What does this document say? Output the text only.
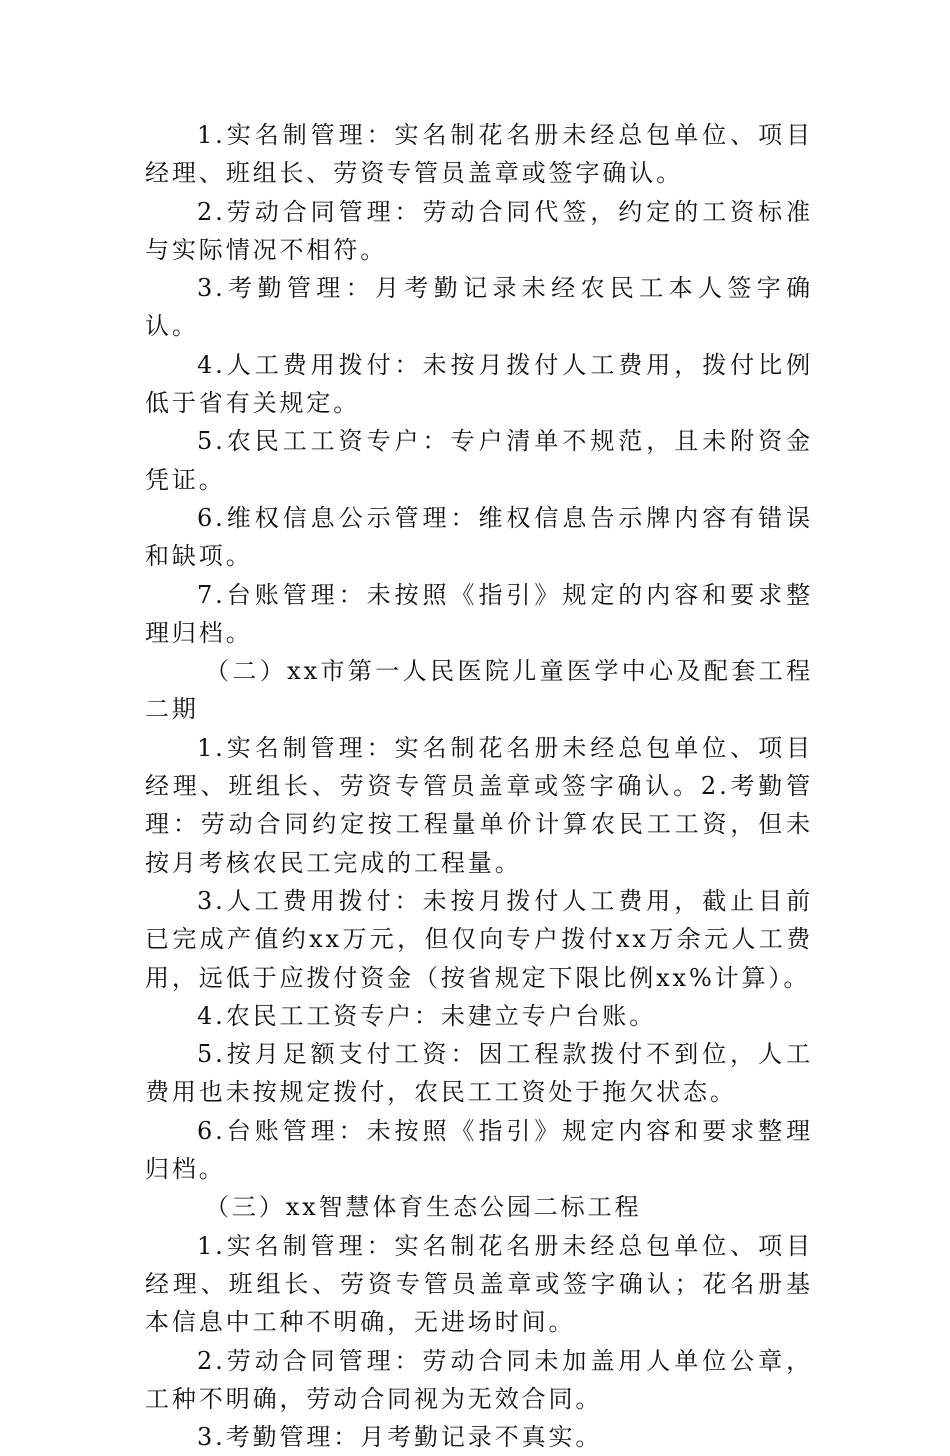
1.实名制管理：实名制花名册未经总包单位、项目经理、班组长、劳资专管员盖章或签字确认。

2.劳动合同管理：劳动合同代签，约定的工资标准与实际情况不相符。

3.考勤管理：月考勤记录未经农民工本人签字确认。

4.人工费用拨付：未按月拨付人工费用，拨付比例低于省有关规定。

5.农民工工资专户：专户清单不规范，且未附资金凭证。

6.维权信息公示管理：维权信息告示牌内容有错误和缺项。

7.台账管理：未按照《指引》规定的内容和要求整理归档。

（二）xx市第一人民医院儿童医学中心及配套工程二期

1.实名制管理：实名制花名册未经总包单位、项目经理、班组长、劳资专管员盖章或签字确认。2.考勤管理：劳动合同约定按工程量单价计算农民工工资，但未按月考核农民工完成的工程量。

3.人工费用拨付：未按月拨付人工费用，截止目前已完成产值约xx万元，但仅向专户拨付xx万余元人工费用，远低于应拨付资金（按省规定下限比例xx%计算）。

4.农民工工资专户：未建立专户台账。

5.按月足额支付工资：因工程款拨付不到位，人工费用也未按规定拨付，农民工工资处于拖欠状态。

6.台账管理：未按照《指引》规定内容和要求整理归档。

（三）xx智慧体育生态公园二标工程

1.实名制管理：实名制花名册未经总包单位、项目经理、班组长、劳资专管员盖章或签字确认；花名册基本信息中工种不明确，无进场时间。

2.劳动合同管理：劳动合同未加盖用人单位公章，工种不明确，劳动合同视为无效合同。

3.考勤管理：月考勤记录不真实。
